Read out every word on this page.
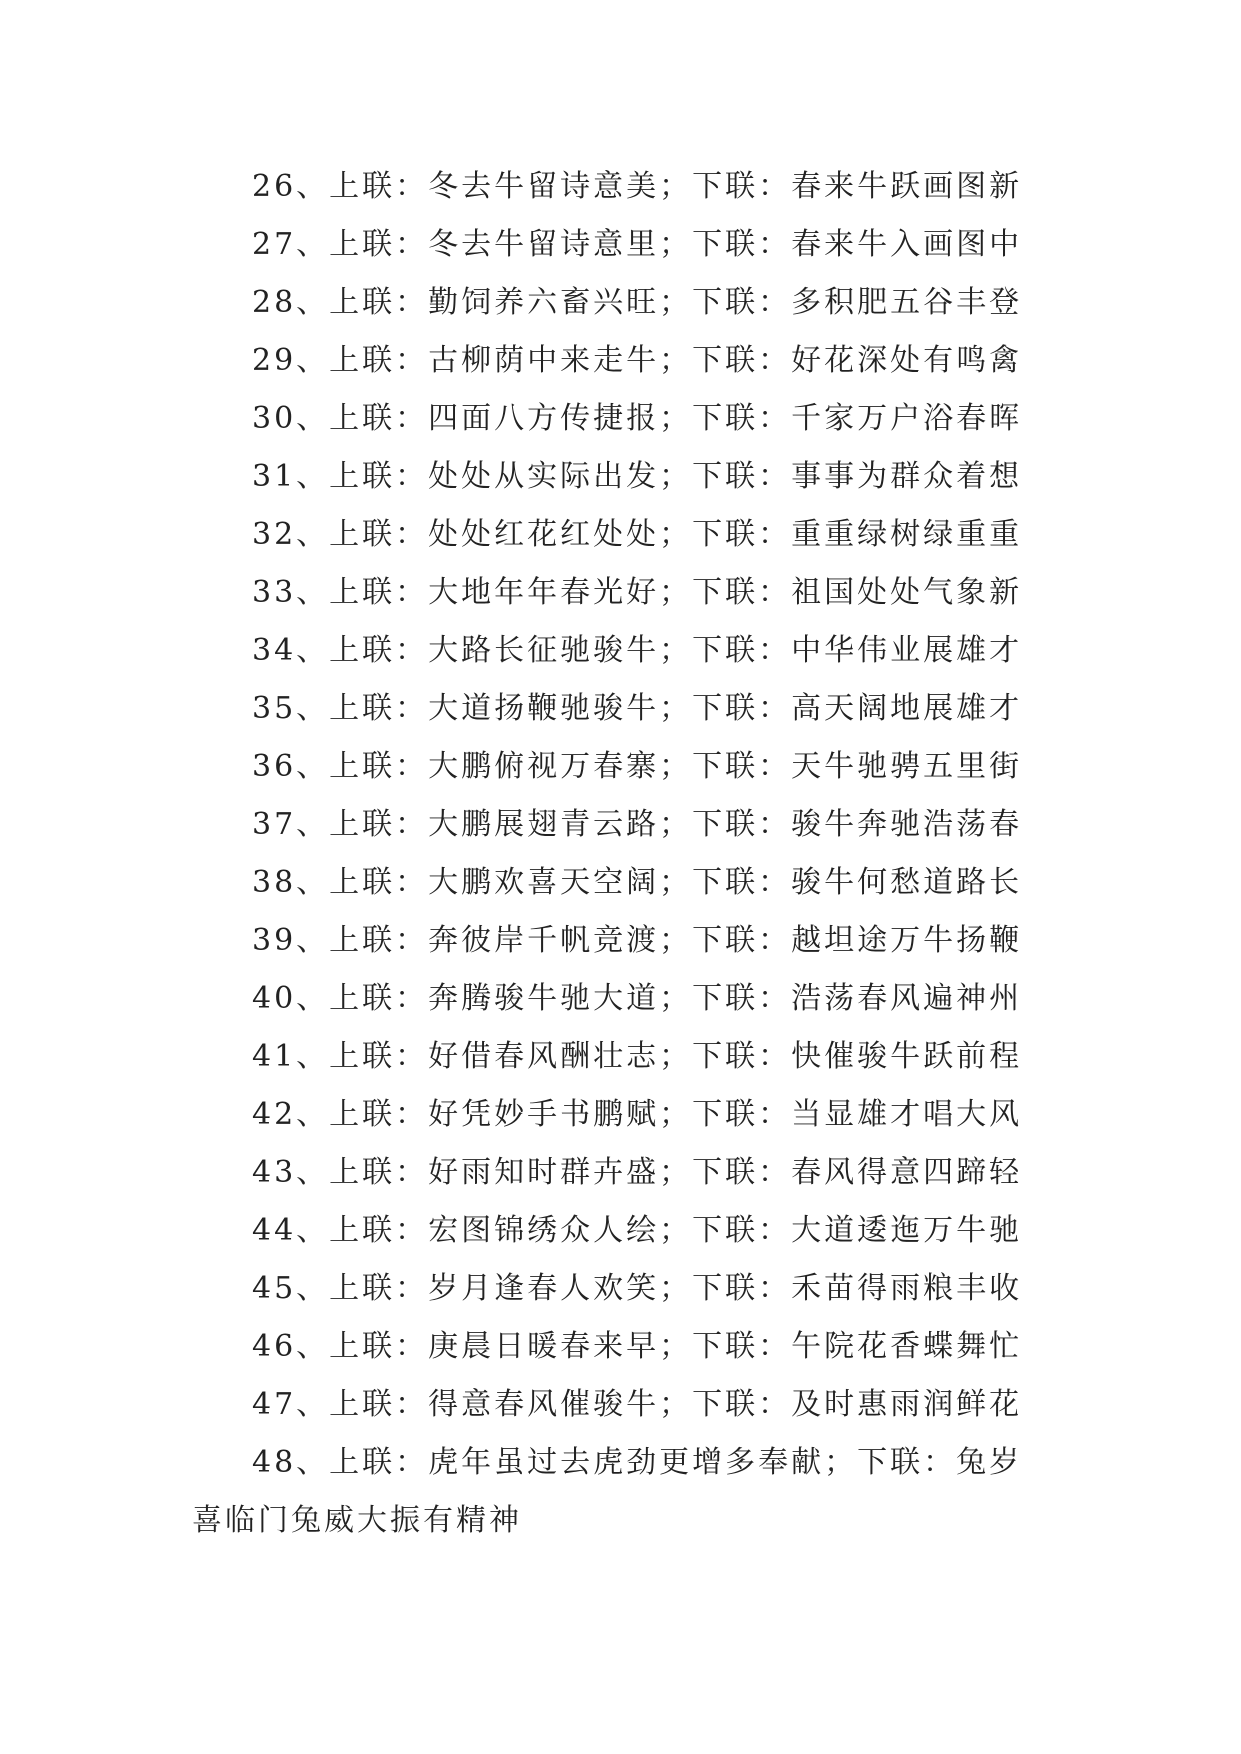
26、上联：冬去牛留诗意美；下联：春来牛跃画图新
27、上联：冬去牛留诗意里；下联：春来牛入画图中
28、上联：勤饲养六畜兴旺；下联：多积肥五谷丰登
29、上联：古柳荫中来走牛；下联：好花深处有鸣禽
30、上联：四面八方传捷报；下联：千家万户浴春晖
31、上联：处处从实际出发；下联：事事为群众着想
32、上联：处处红花红处处；下联：重重绿树绿重重
33、上联：大地年年春光好；下联：祖国处处气象新
34、上联：大路长征驰骏牛；下联：中华伟业展雄才
35、上联：大道扬鞭驰骏牛；下联：高天阔地展雄才
36、上联：大鹏俯视万春寨；下联：天牛驰骋五里街
37、上联：大鹏展翅青云路；下联：骏牛奔驰浩荡春
38、上联：大鹏欢喜天空阔；下联：骏牛何愁道路长
39、上联：奔彼岸千帆竞渡；下联：越坦途万牛扬鞭
40、上联：奔腾骏牛驰大道；下联：浩荡春风遍神州
41、上联：好借春风酬壮志；下联：快催骏牛跃前程
42、上联：好凭妙手书鹏赋；下联：当显雄才唱大风
43、上联：好雨知时群卉盛；下联：春风得意四蹄轻
44、上联：宏图锦绣众人绘；下联：大道逶迤万牛驰
45、上联：岁月逢春人欢笑；下联：禾苗得雨粮丰收
46、上联：庚晨日暖春来早；下联：午院花香蝶舞忙
47、上联：得意春风催骏牛；下联：及时惠雨润鲜花

48、上联：虎年虽过去虎劲更增多奉献；下联：兔岁喜临门兔威大振有精神
